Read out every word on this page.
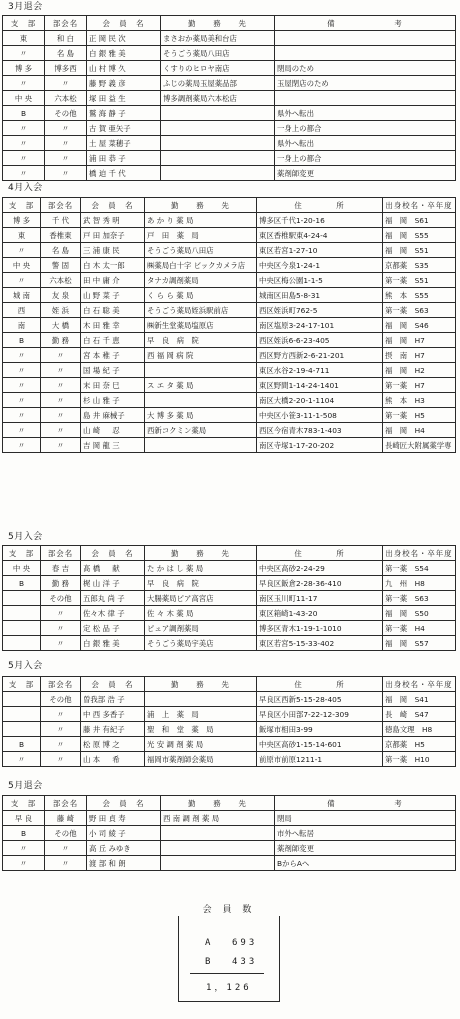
3月退会
支　部	部会名	会　員　名	勤　　務　　先	備　　　　　　　考
東	和 白	正 岡 民 次	まさおか薬局美和台店	
〃	名 島	白 銀 雅 美	そうごう薬局八田店	
博 多	博多西	山 村 博 久	くすりのヒロヤ南店	閉局のため
〃	〃	藤 野 義 彦	ふじの薬局玉屋薬品部	玉屋閉店のため
中 央	六本松	塚 田 益 生	博多調剤薬局六本松店	
B	その他	鷲 海 静 子		県外へ転出
〃	〃	古 賀 亜矢子		一身上の都合
〃	〃	土 屋 菜穂子		県外へ転出
〃	〃	浦 田 恭 子		一身上の都合
〃	〃	橋 迫 千 代		薬剤師変更
4月入会
支　部	部会名	会　員　名	勤　　務　　先	住　　　　所	出身校名・卒年度
博 多	千 代	武 智 秀 明	あ か り 薬 局	博多区千代1-20-16	福　岡　S61
東	香椎東	戸 田 加奈子	戸　田　薬　局	東区香椎駅東4-24-4	福　岡　S55
〃	名 島	三 浦 康 民	そうごう薬局八田店	東区若宮1-27-10	福　岡　S51
中 央	警 固	白 木 太一郎	㈱薬局白十字 ビックカメラ店	中央区今泉1-24-1	京都薬　S35
〃	六本松	田 中 庸 介	タナカ調剤薬局	中央区梅公園1-1-5	第一薬　S51
城 南	友 泉	山 野 菜 子	く ら ら 薬 局	城南区田島5-8-31	熊　本　S55
西	姪 浜	白 石 聡 美	そうごう薬局姪浜駅前店	西区姪浜町762-5	第一薬　S63
南	大 橋	木 田 雅 幸	㈱新生堂薬局塩原店	南区塩原3-24-17-101	福　岡　S46
B	勤 務	白 石 千 恵	早　良　病　院	西区姪浜6-6-23-405	福　岡　H7
〃	〃	宮 本 稚 子	西 福 岡 病 院	西区野方西新2-6-21-201	摂　南　H7
〃	〃	国 場 紀 子		東区水谷2-19-4-711	福　岡　H2
〃	〃	末 田 奈 巳	ス エ タ 薬 局	東区野間1-14-24-1401	第一薬　H7
〃	〃	杉 山 雅 子		南区大橋2-20-1-1104	熊　本　H3
〃	〃	島 井 麻械子	大 博 多 薬 局	中央区小笹3-11-1-508	第一薬　H5
〃	〃	山 崎 　 忍	西新コクミン薬局	西区今宿青木783-1-403	福　岡　H4
〃	〃	吉 岡 龍 三		南区寺塚1-17-20-202	長崎匠大附属薬学専
5月入会
支　部	部会名	会　員　名	勤　　務　　先	住　　　　所	出身校名・卒年度
中 央	春 吉	髙 橋 　 献	た か は し 薬 局	中央区高砂2-24-29	第一薬　S54
B	勤 務	梶 山 洋 子	早　良　病　院	早良区飯倉2-28-36-410	九　州　H8
	その他	五郎丸 尚 子	大腸薬局ピア高宮店	南区玉川町11-17	第一薬　S63
	〃	佐々木 律 子	佐 々 木 薬 局	東区箱崎1-43-20	福　岡　S50
	〃	定 松 品 子	ピュア調剤薬局	博多区青木1-19-1-1010	第一薬　H4
	〃	白 銀 雅 美	そうごう薬局宇美店	東区若宮5-15-33-402	福　岡　S57
5月入会
支　部	部会名	会　員　名	勤　　務　　先	住　　　　所	出身校名・卒年度
	その他	曽我部 浩 子		早良区西新5-15-28-405	福　岡　S41
	〃	中 西 多香子	浦　上　薬　局	早良区小田部7-22-12-309	長　崎　S47
	〃	藤 井 有紀子	聖　和　堂　薬　局	飯塚市相田3-99	徳島文理　H8
B	〃	松 原 博 之	光 安 調 剤 薬 局	中央区高砂1-15-14-601	京都薬　H5
〃	〃	山 本 　 希	福岡市薬剤師会薬局	前原市前原1211-1	第一薬　H10
5月退会
支　部	部会名	会　員　名	勤　　務　　先	備　　　　　　　考
早 良	藤 崎	野 田 貞 寿	西 南 調 剤 薬 局	閉局
B	その他	小 司 綾 子		市外へ転居
〃	〃	高 丘 みゆき		薬剤師変更
〃	〃	渡 部 和 朗		BからAへ
会 員 数
A 693
B 433
1，126
